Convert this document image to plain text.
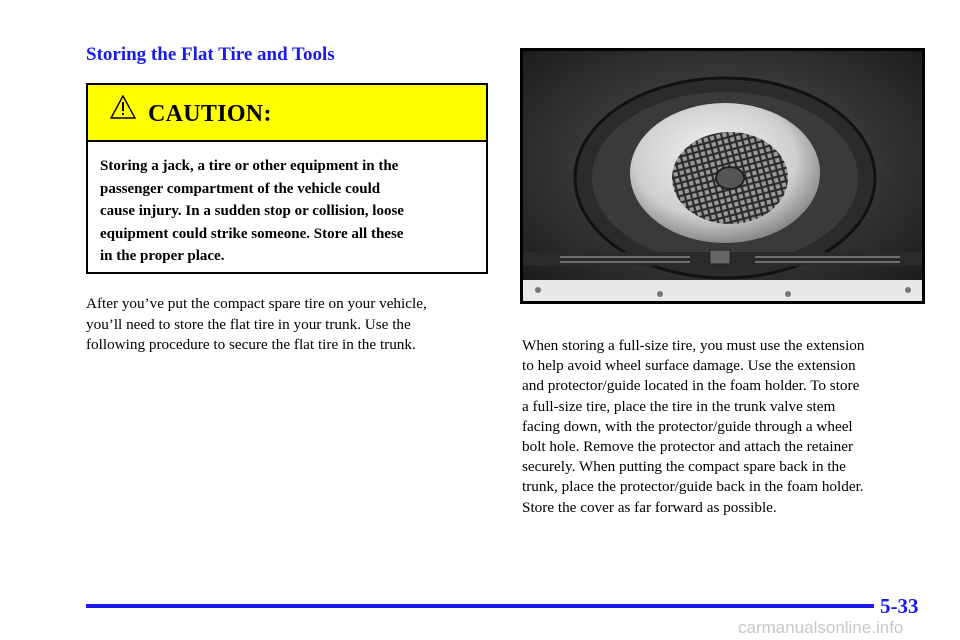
Storing the Flat Tire and Tools
CAUTION:
Storing a jack, a tire or other equipment in the
passenger compartment of the vehicle could
cause injury. In a sudden stop or collision, loose
equipment could strike someone. Store all these
in the proper place.
After you’ve put the compact spare tire on your vehicle,
you’ll need to store the flat tire in your trunk. Use the
following procedure to secure the flat tire in the trunk.	When storing a full‐size tire, you must use the extension
to help avoid wheel surface damage. Use the extension
and protector/guide located in the foam holder. To store
a full‐size tire, place the tire in the trunk valve stem
facing down, with the protector/guide through a wheel
bolt hole. Remove the protector and attach the retainer
securely. When putting the compact spare back in the
trunk, place the protector/guide back in the foam holder.
Store the cover as far forward as possible.
5-33
carmanualsonline.info
